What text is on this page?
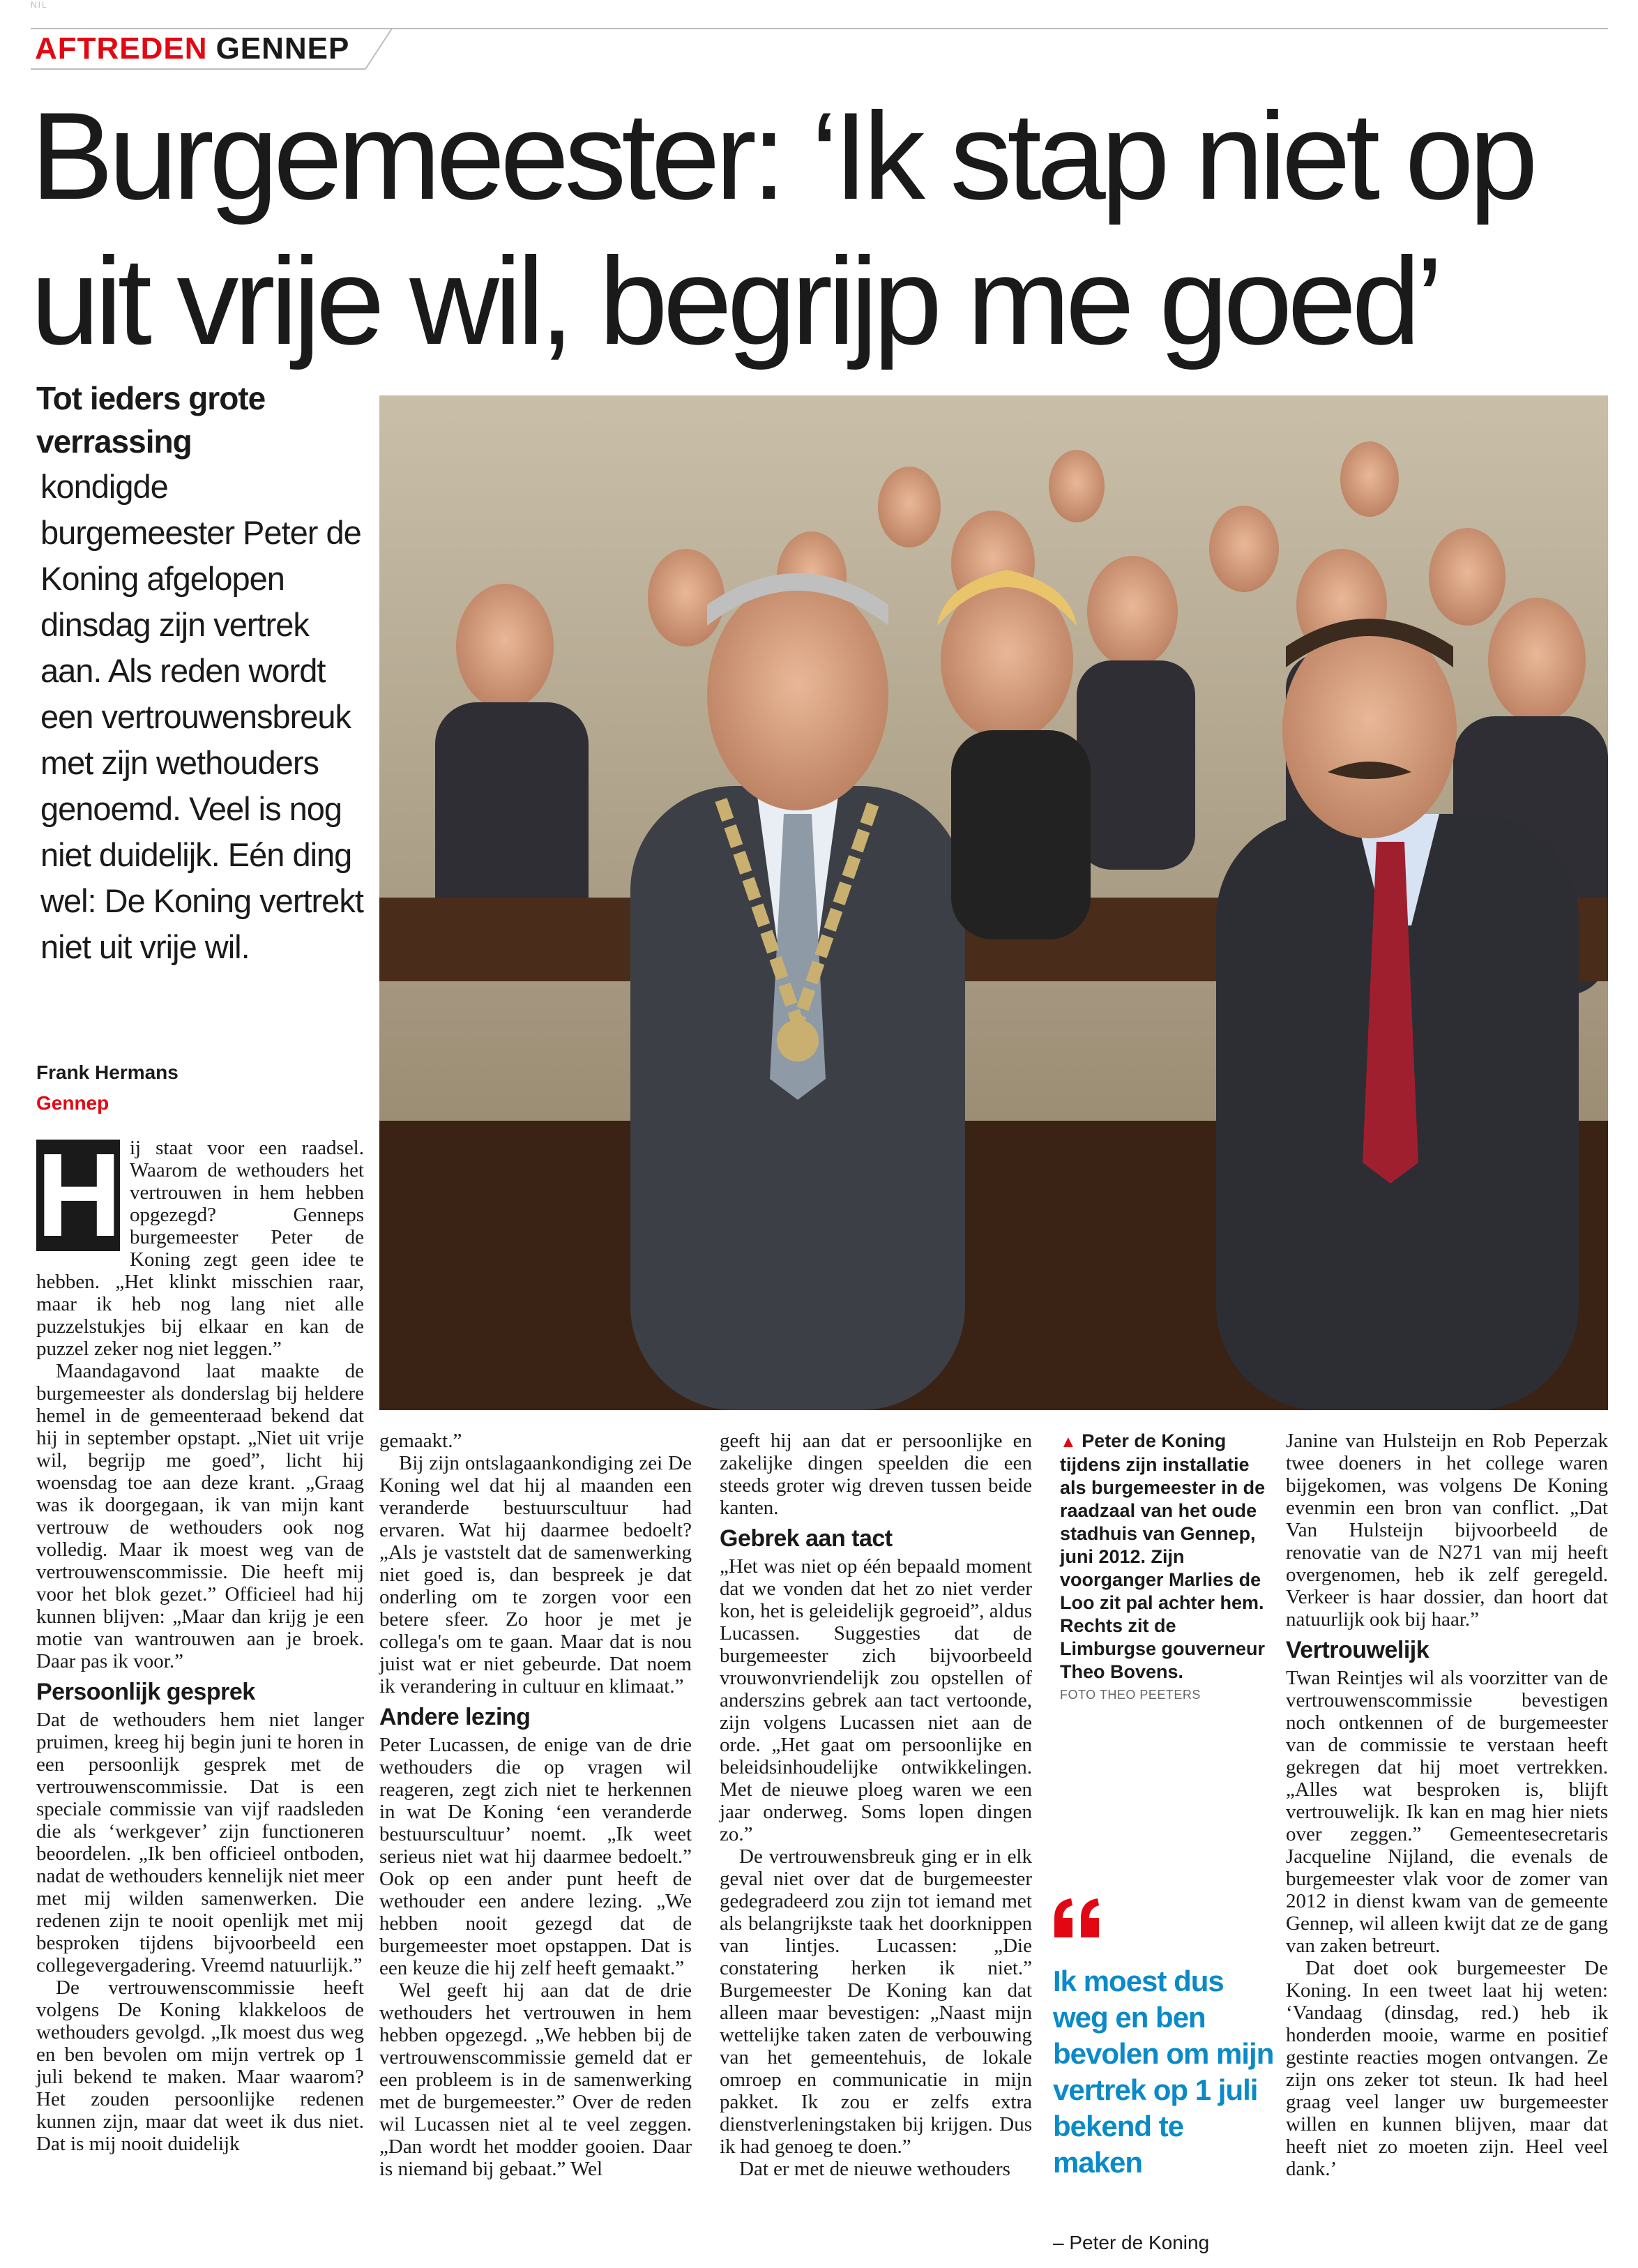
NIL
AFTREDEN GENNEP
Burgemeester: ‘Ik stap niet op uit vrije wil, begrijp me goed’
Tot ieders grote verrassing
kondigde burgemeester Peter de Koning afgelopen dinsdag zijn vertrek aan. Als reden wordt een vertrouwensbreuk met zijn wethouders genoemd. Veel is nog niet duidelijk. Eén ding wel: De Koning vertrekt niet uit vrije wil.
Frank Hermans
Gennep
H ij staat voor een raadsel. Waarom de wethouders het vertrouwen in hem hebben opgezegd? Genneps burgemeester Peter de Koning zegt geen idee te hebben. „Het klinkt misschien raar, maar ik heb nog lang niet alle puzzelstukjes bij elkaar en kan de puzzel zeker nog niet leggen.”

Maandagavond laat maakte de burgemeester als donderslag bij heldere hemel in de gemeenteraad bekend dat hij in september opstapt. „Niet uit vrije wil, begrijp me goed”, licht hij woensdag toe aan deze krant. „Graag was ik doorgegaan, ik van mijn kant vertrouw de wethouders ook nog volledig. Maar ik moest weg van de vertrouwenscommissie. Die heeft mij voor het blok gezet.” Officieel had hij kunnen blijven: „Maar dan krijg je een motie van wantrouwen aan je broek. Daar pas ik voor.”

Persoonlijk gesprek

Dat de wethouders hem niet langer pruimen, kreeg hij begin juni te horen in een persoonlijk gesprek met de vertrouwenscommissie. Dat is een speciale commissie van vijf raadsleden die als ‘werkgever’ zijn functioneren beoordelen. „Ik ben officieel ontboden, nadat de wethouders kennelijk niet meer met mij wilden samenwerken. Die redenen zijn te nooit openlijk met mij besproken tijdens bijvoorbeeld een collegevergadering. Vreemd natuurlijk.”

De vertrouwenscommissie heeft volgens De Koning klakkeloos de wethouders gevolgd. „Ik moest dus weg en ben bevolen om mijn vertrek op 1 juli bekend te maken. Maar waarom? Het zouden persoonlijke redenen kunnen zijn, maar dat weet ik dus niet. Dat is mij nooit duidelijk

gemaakt.”

Bij zijn ontslagaankondiging zei De Koning wel dat hij al maanden een veranderde bestuurscultuur had ervaren. Wat hij daarmee bedoelt? „Als je vaststelt dat de samenwerking niet goed is, dan bespreek je dat onderling om te zorgen voor een betere sfeer. Zo hoor je met je collega's om te gaan. Maar dat is nou juist wat er niet gebeurde. Dat noem ik verandering in cultuur en klimaat.”

Andere lezing

Peter Lucassen, de enige van de drie wethouders die op vragen wil reageren, zegt zich niet te herkennen in wat De Koning ‘een veranderde bestuurscultuur’ noemt. „Ik weet serieus niet wat hij daarmee bedoelt.” Ook op een ander punt heeft de wethouder een andere lezing. „We hebben nooit gezegd dat de burgemeester moet opstappen. Dat is een keuze die hij zelf heeft gemaakt.”

Wel geeft hij aan dat de drie wethouders het vertrouwen in hem hebben opgezegd. „We hebben bij de vertrouwenscommissie gemeld dat er een probleem is in de samenwerking met de burgemeester.” Over de reden wil Lucassen niet al te veel zeggen. „Dan wordt het modder gooien. Daar is niemand bij gebaat.” Wel

geeft hij aan dat er persoonlijke en zakelijke dingen speelden die een steeds groter wig dreven tussen beide kanten.

Gebrek aan tact

„Het was niet op één bepaald moment dat we vonden dat het zo niet verder kon, het is geleidelijk gegroeid”, aldus Lucassen. Suggesties dat de burgemeester zich bijvoorbeeld vrouwonvriendelijk zou opstellen of anderszins gebrek aan tact vertoonde, zijn volgens Lucassen niet aan de orde. „Het gaat om persoonlijke en beleidsinhoudelijke ontwikkelingen. Met de nieuwe ploeg waren we een jaar onderweg. Soms lopen dingen zo.”

De vertrouwensbreuk ging er in elk geval niet over dat de burgemeester gedegradeerd zou zijn tot iemand met als belangrijkste taak het doorknippen van lintjes. Lucassen: „Die constatering herken ik niet.” Burgemeester De Koning kan dat alleen maar bevestigen: „Naast mijn wettelijke taken zaten de verbouwing van het gemeentehuis, de lokale omroep en communicatie in mijn pakket. Ik zou er zelfs extra dienstverleningstaken bij krijgen. Dus ik had genoeg te doen.”

Dat er met de nieuwe wethouders

▲ Peter de Koning tijdens zijn installatie als burgemeester in de raadzaal van het oude stadhuis van Gennep, juni 2012. Zijn voorganger Marlies de Loo zit pal achter hem. Rechts zit de Limburgse gouverneur Theo Bovens.
FOTO THEO PEETERS
Ik moest dus weg en ben bevolen om mijn vertrek op 1 juli bekend te maken
– Peter de Koning

Janine van Hulsteijn en Rob Peperzak twee doeners in het college waren bijgekomen, was volgens De Koning evenmin een bron van conflict. „Dat Van Hulsteijn bijvoorbeeld de renovatie van de N271 van mij heeft overgenomen, heb ik zelf geregeld. Verkeer is haar dossier, dan hoort dat natuurlijk ook bij haar.”

Vertrouwelijk

Twan Reintjes wil als voorzitter van de vertrouwenscommissie bevestigen noch ontkennen of de burgemeester van de commissie te verstaan heeft gekregen dat hij moet vertrekken. „Alles wat besproken is, blijft vertrouwelijk. Ik kan en mag hier niets over zeggen.” Gemeentesecretaris Jacqueline Nijland, die evenals de burgemeester vlak voor de zomer van 2012 in dienst kwam van de gemeente Gennep, wil alleen kwijt dat ze de gang van zaken betreurt.

Dat doet ook burgemeester De Koning. In een tweet laat hij weten: ‘Vandaag (dinsdag, red.) heb ik honderden mooie, warme en positief gestinte reacties mogen ontvangen. Ze zijn ons zeker tot steun. Ik had heel graag veel langer uw burgemeester willen en kunnen blijven, maar dat heeft niet zo moeten zijn. Heel veel dank.’
